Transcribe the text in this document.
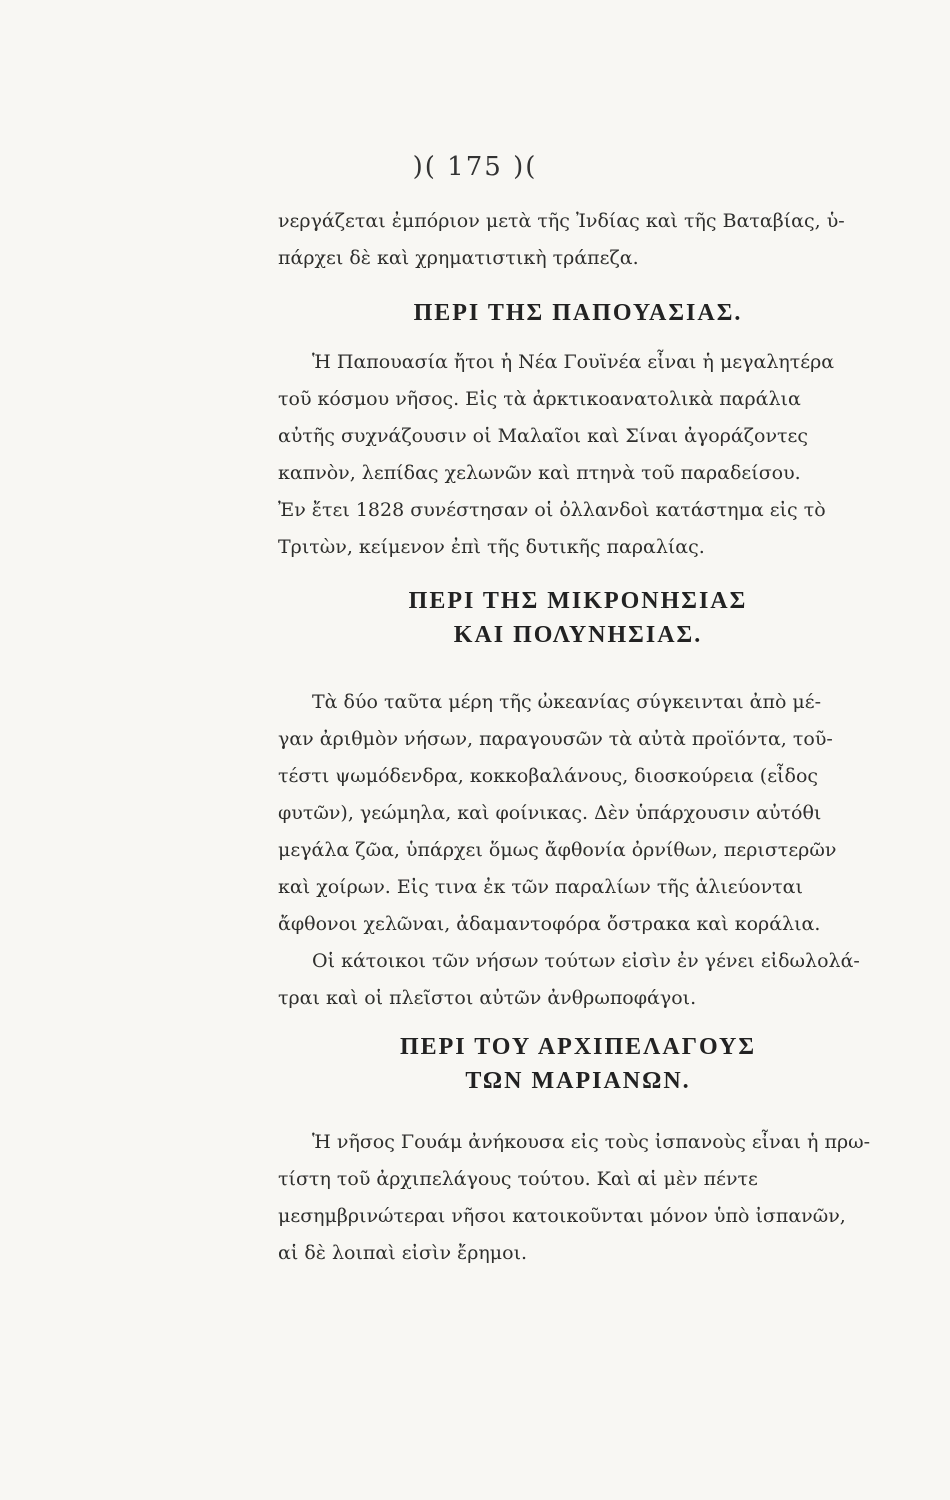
)( 175 )(

νεργάζεται ἐμπόριον μετὰ τῆς Ἰνδίας καὶ τῆς Βαταβίας, ὑ-
πάρχει δὲ καὶ χρηματιστικὴ τράπεζα.

ΠΕΡΙ ΤΗΣ ΠΑΠΟΥΑΣΙΑΣ.

Ἡ Παπουασία ἤτοι ἡ Νέα Γουϊνέα εἶναι ἡ μεγαλητέρα
τοῦ κόσμου νῆσος. Εἰς τὰ ἀρκτικοανατολικὰ παράλια
αὐτῆς συχνάζουσιν οἱ Μαλαῖοι καὶ Σίναι ἀγοράζοντες
καπνὸν, λεπίδας χελωνῶν καὶ πτηνὰ τοῦ παραδείσου.
Ἐν ἔτει 1828 συνέστησαν οἱ ὀλλανδοὶ κατάστημα εἰς τὸ
Τριτὼν, κείμενον ἐπὶ τῆς δυτικῆς παραλίας.

ΠΕΡΙ ΤΗΣ ΜΙΚΡΟΝΗΣΙΑΣ
ΚΑΙ ΠΟΛΥΝΗΣΙΑΣ.

Τὰ δύο ταῦτα μέρη τῆς ὠκεανίας σύγκεινται ἀπὸ μέ-
γαν ἀριθμὸν νήσων, παραγουσῶν τὰ αὐτὰ προϊόντα, τοῦ-
τέστι ψωμόδενδρα, κοκκοβαλάνους, διοσκούρεια (εἶδος
φυτῶν), γεώμηλα, καὶ φοίνικας. Δὲν ὑπάρχουσιν αὐτόθι
μεγάλα ζῶα, ὑπάρχει ὅμως ἄφθονία ὀρνίθων, περιστερῶν
καὶ χοίρων. Εἰς τινα ἐκ τῶν παραλίων τῆς ἁλιεύονται
ἄφθονοι χελῶναι, ἀδαμαντοφόρα ὄστρακα καὶ κοράλια.
Οἱ κάτοικοι τῶν νήσων τούτων εἰσὶν ἐν γένει εἰδωλολά-
τραι καὶ οἱ πλεῖστοι αὐτῶν ἀνθρωποφάγοι.

ΠΕΡΙ ΤΟΥ ΑΡΧΙΠΕΛΑΓΟΥΣ
ΤΩΝ ΜΑΡΙΑΝΩΝ.

Ἡ νῆσος Γουάμ ἀνήκουσα εἰς τοὺς ἰσπανοὺς εἶναι ἡ πρω-
τίστη τοῦ ἀρχιπελάγους τούτου. Καὶ αἱ μὲν πέντε
μεσημβρινώτεραι νῆσοι κατοικοῦνται μόνον ὑπὸ ἰσπανῶν,
αἱ δὲ λοιπαὶ εἰσὶν ἔρημοι.
